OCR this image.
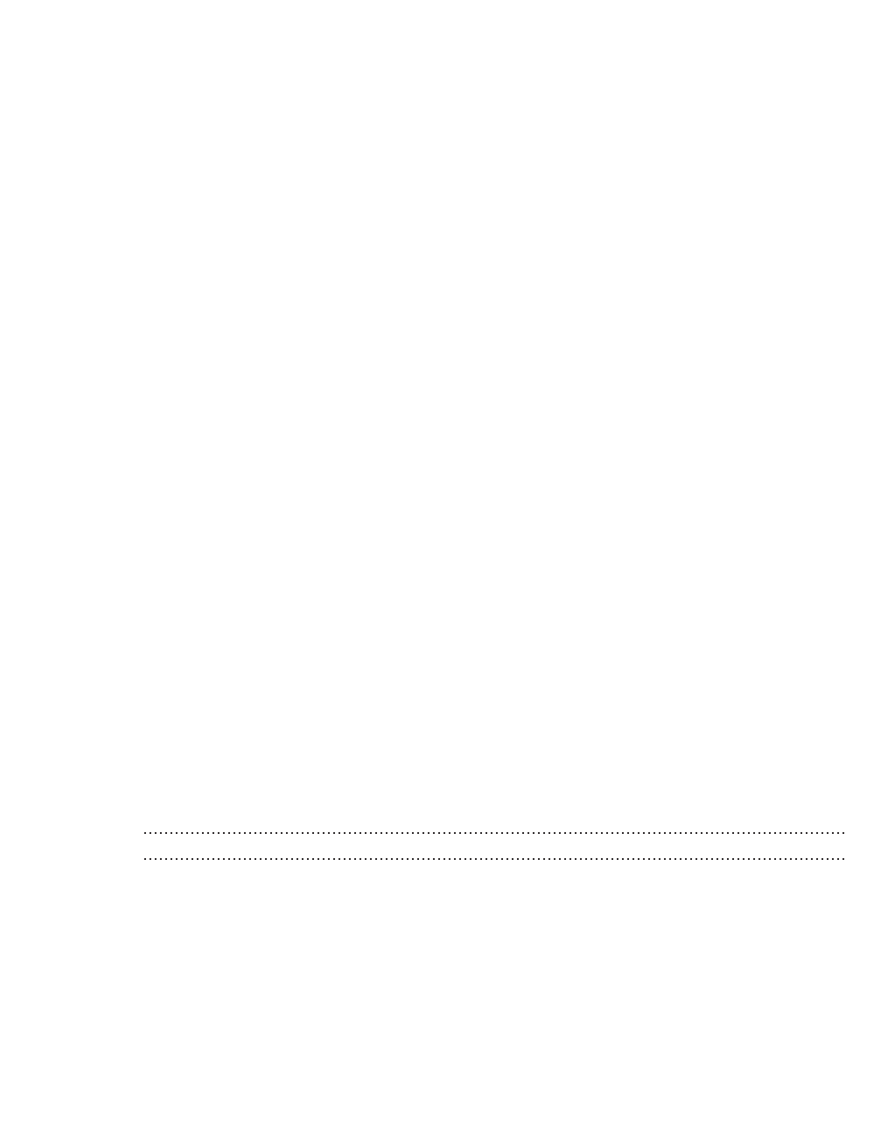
......................................................................................................................................
......................................................................................................................................
